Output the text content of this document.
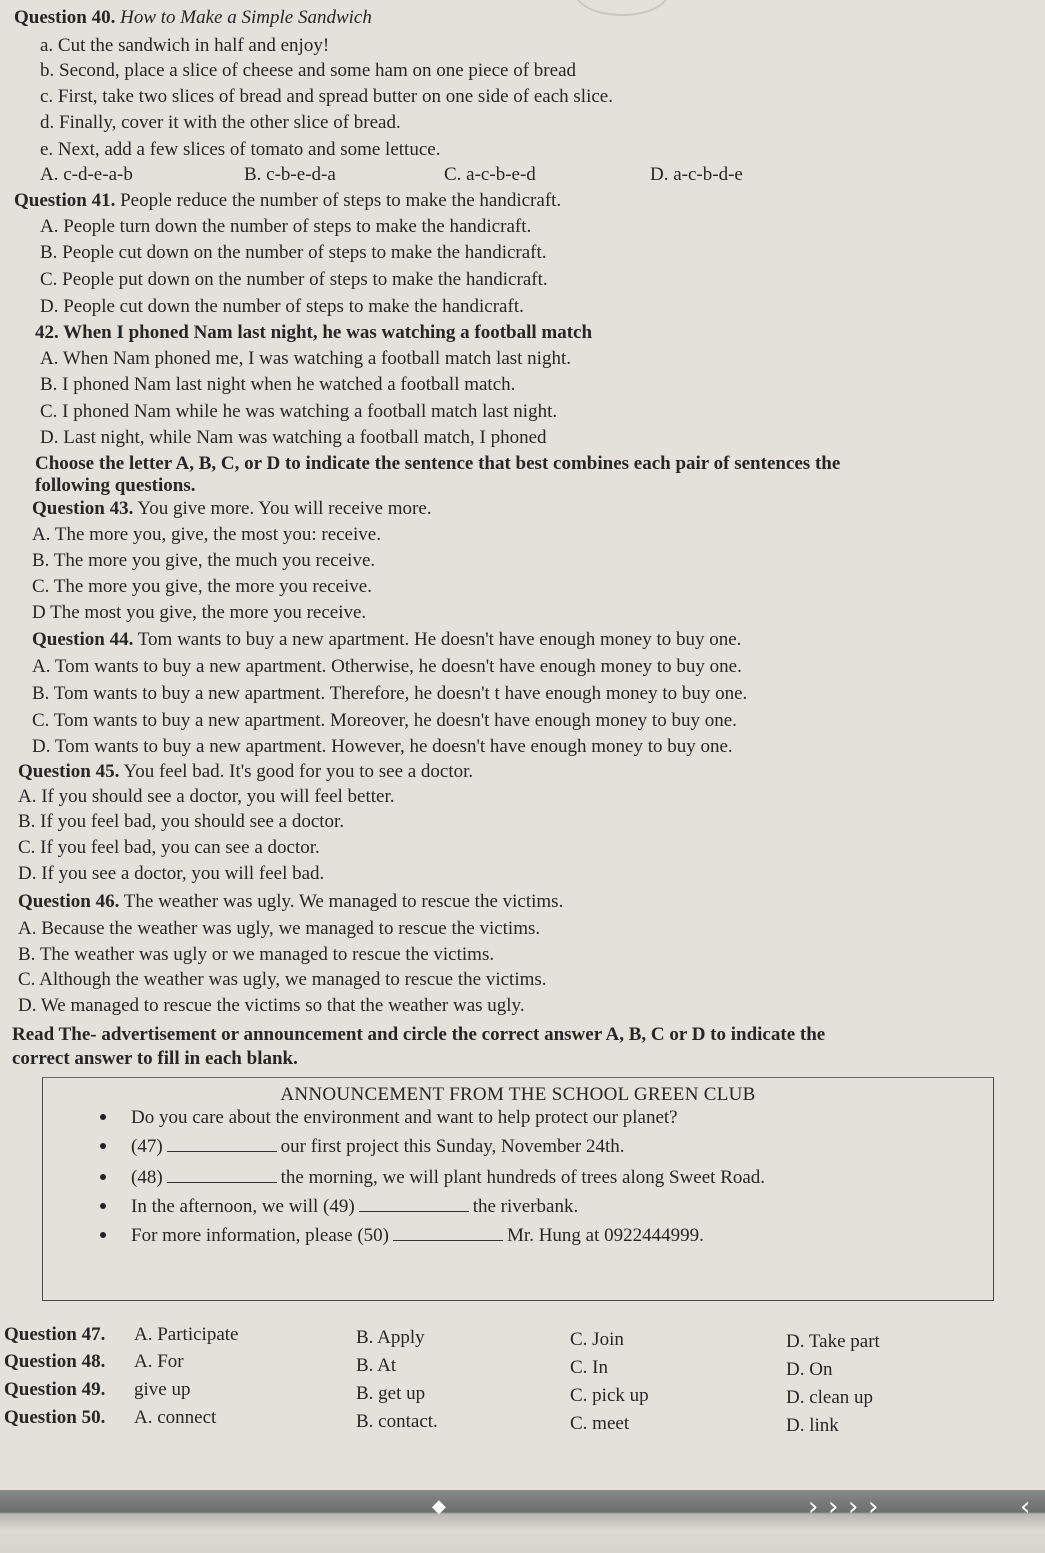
Question 40. How to Make a Simple Sandwich
a. Cut the sandwich in half and enjoy!
b. Second, place a slice of cheese and some ham on one piece of bread
c. First, take two slices of bread and spread butter on one side of each slice.
d. Finally, cover it with the other slice of bread.
e. Next, add a few slices of tomato and some lettuce.
A. c-d-e-a-b	B. c-b-e-d-a	C. a-c-b-e-d	D. a-c-b-d-e
Question 41. People reduce the number of steps to make the handicraft.
A. People turn down the number of steps to make the handicraft.
B. People cut down on the number of steps to make the handicraft.
C. People put down on the number of steps to make the handicraft.
D. People cut down the number of steps to make the handicraft.
42. When I phoned Nam last night, he was watching a football match
A. When Nam phoned me, I was watching a football match last night.
B. I phoned Nam last night when he watched a football match.
C. I phoned Nam while he was watching a football match last night.
D. Last night, while Nam was watching a football match, I phoned
Choose the letter A, B, C, or D to indicate the sentence that best combines each pair of sentences the
following questions.
Question 43. You give more. You will receive more.
A. The more you, give, the most you: receive.
B. The more you give, the much you receive.
C. The more you give, the more you receive.
D The most you give, the more you receive.
Question 44. Tom wants to buy a new apartment. He doesn't have enough money to buy one.
A. Tom wants to buy a new apartment. Otherwise, he doesn't have enough money to buy one.
B. Tom wants to buy a new apartment. Therefore, he doesn't t have enough money to buy one.
C. Tom wants to buy a new apartment. Moreover, he doesn't have enough money to buy one.
D. Tom wants to buy a new apartment. However, he doesn't have enough money to buy one.
Question 45. You feel bad. It's good for you to see a doctor.
A. If you should see a doctor, you will feel better.
B. If you feel bad, you should see a doctor.
C. If you feel bad, you can see a doctor.
D. If you see a doctor, you will feel bad.
Question 46. The weather was ugly. We managed to rescue the victims.
A. Because the weather was ugly, we managed to rescue the victims.
B. The weather was ugly or we managed to rescue the victims.
C. Although the weather was ugly, we managed to rescue the victims.
D. We managed to rescue the victims so that the weather was ugly.
Read The- advertisement or announcement and circle the correct answer A, B, C or D to indicate the
correct answer to fill in each blank.
ANNOUNCEMENT FROM THE SCHOOL GREEN CLUB
Do you care about the environment and want to help protect our planet?
(47)	our first project this Sunday, November 24th.
(48)	the morning, we will plant hundreds of trees along Sweet Road.
In the afternoon, we will (49)	the riverbank.
For more information, please (50)	Mr. Hung at 0922444999.
Question 47. A. Participate	B. Apply	C. Join	D. Take part
Question 48. A. For	B. At	C. In	D. On
Question 49. give up	B. get up	C. pick up	D. clean up
Question 50. A. connect	B. contact.	C. meet	D. link
› › › ›	‹
◆
